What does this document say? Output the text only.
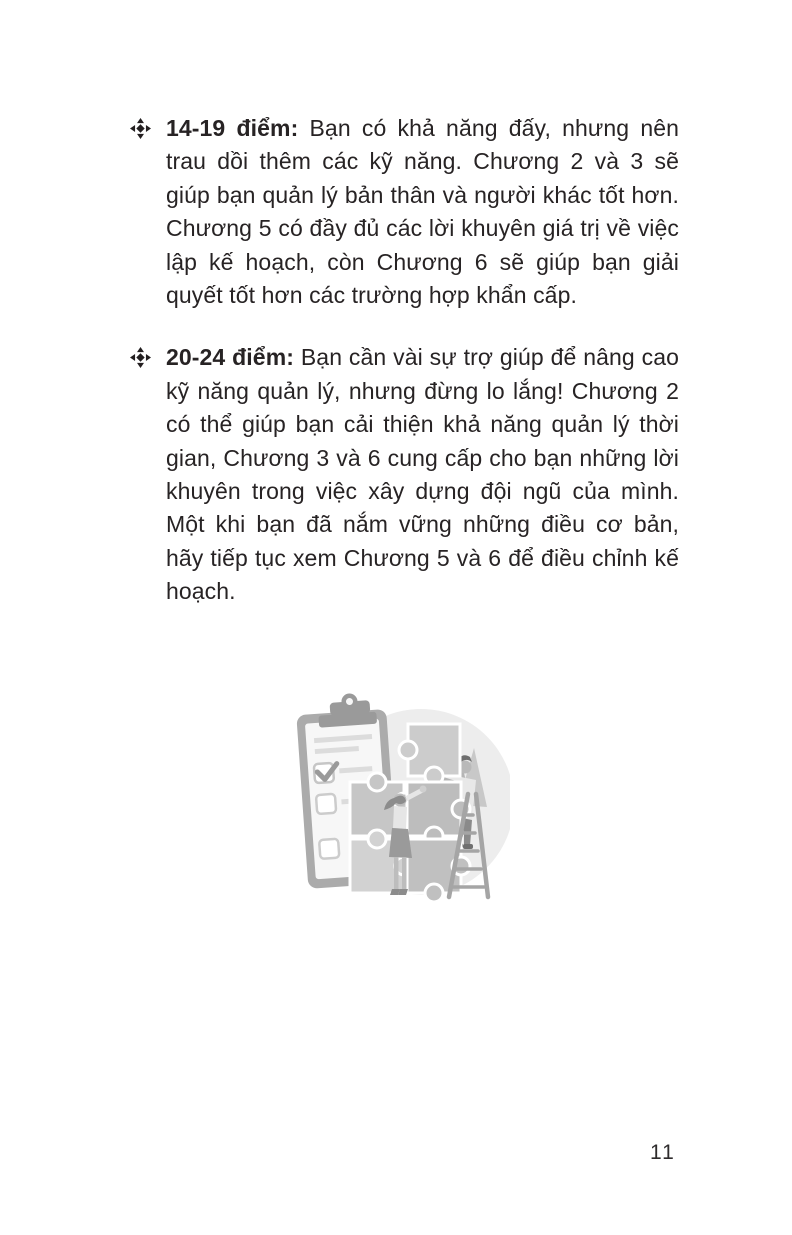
14-19 điểm: Bạn có khả năng đấy, nhưng nên trau dồi thêm các kỹ năng. Chương 2 và 3 sẽ giúp bạn quản lý bản thân và người khác tốt hơn. Chương 5 có đầy đủ các lời khuyên giá trị về việc lập kế hoạch, còn Chương 6 sẽ giúp bạn giải quyết tốt hơn các trường hợp khẩn cấp.
20-24 điểm: Bạn cần vài sự trợ giúp để nâng cao kỹ năng quản lý, nhưng đừng lo lắng! Chương 2 có thể giúp bạn cải thiện khả năng quản lý thời gian, Chương 3 và 6 cung cấp cho bạn những lời khuyên trong việc xây dựng đội ngũ của mình. Một khi bạn đã nắm vững những điều cơ bản, hãy tiếp tục xem Chương 5 và 6 để điều chỉnh kế hoạch.
11
